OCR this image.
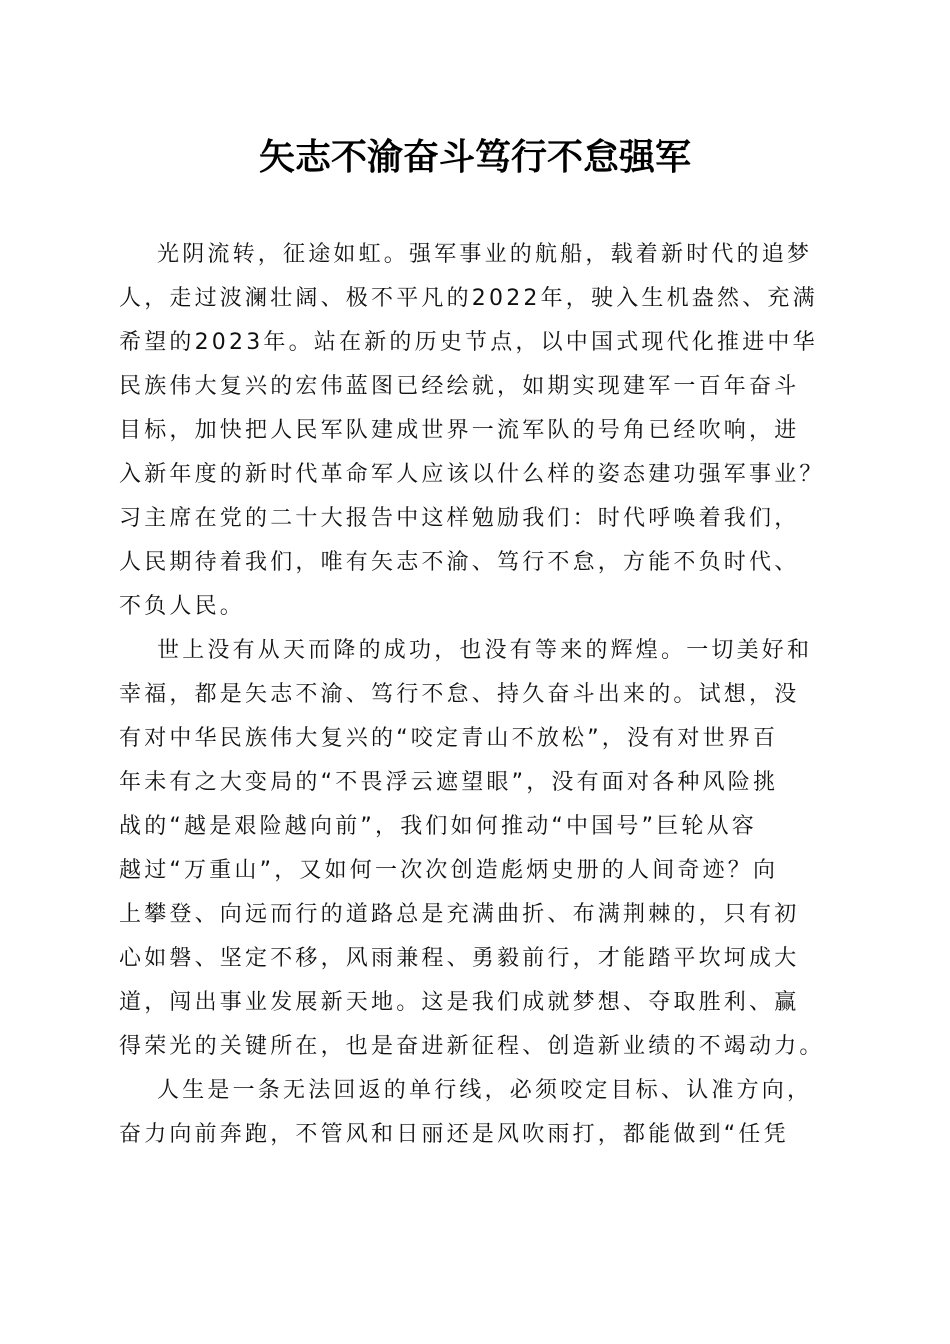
矢志不渝奋斗笃行不怠强军
光阴流转，征途如虹。强军事业的航船，载着新时代的追梦
人，走过波澜壮阔、极不平凡的2022年，驶入生机盎然、充满
希望的2023年。站在新的历史节点，以中国式现代化推进中华
民族伟大复兴的宏伟蓝图已经绘就，如期实现建军一百年奋斗
目标，加快把人民军队建成世界一流军队的号角已经吹响，进
入新年度的新时代革命军人应该以什么样的姿态建功强军事业？
习主席在党的二十大报告中这样勉励我们：时代呼唤着我们，
人民期待着我们，唯有矢志不渝、笃行不怠，方能不负时代、
不负人民。
世上没有从天而降的成功，也没有等来的辉煌。一切美好和
幸福，都是矢志不渝、笃行不怠、持久奋斗出来的。试想，没
有对中华民族伟大复兴的“咬定青山不放松”，没有对世界百
年未有之大变局的“不畏浮云遮望眼”，没有面对各种风险挑
战的“越是艰险越向前”，我们如何推动“中国号”巨轮从容
越过“万重山”，又如何一次次创造彪炳史册的人间奇迹？向
上攀登、向远而行的道路总是充满曲折、布满荆棘的，只有初
心如磐、坚定不移，风雨兼程、勇毅前行，才能踏平坎坷成大
道，闯出事业发展新天地。这是我们成就梦想、夺取胜利、赢
得荣光的关键所在，也是奋进新征程、创造新业绩的不竭动力。
人生是一条无法回返的单行线，必须咬定目标、认准方向，
奋力向前奔跑，不管风和日丽还是风吹雨打，都能做到“任凭
